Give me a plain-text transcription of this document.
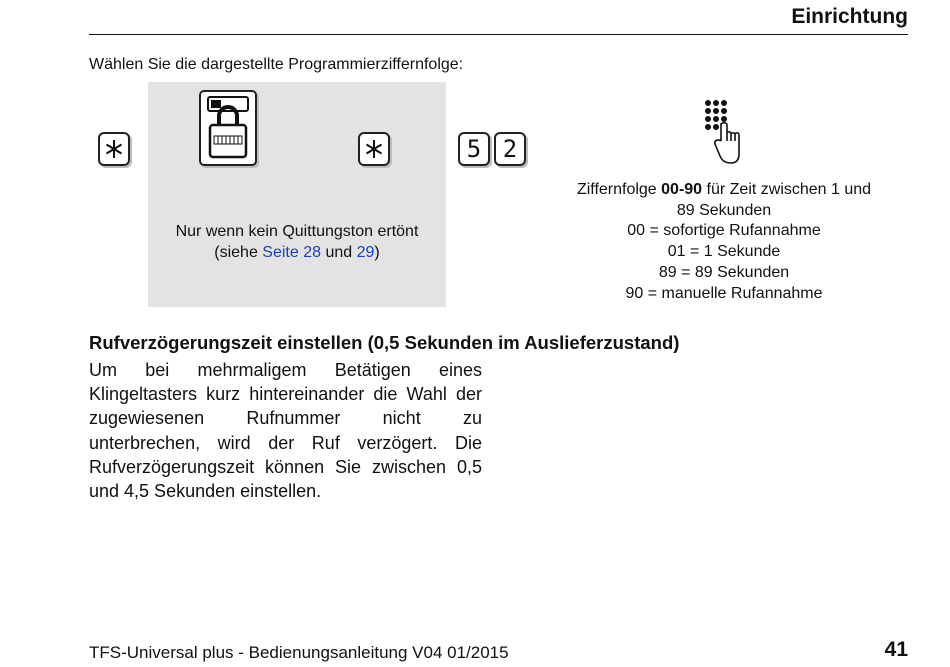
Einrichtung
Wählen Sie die dargestellte Programmierziffernfolge:
5 2
Nur wenn kein Quittungston ertönt
(siehe Seite 28 und 29)
Ziffernfolge 00-90 für Zeit zwischen 1 und
89 Sekunden
00 = sofortige Rufannahme
01 = 1 Sekunde
89 = 89 Sekunden
90 = manuelle Rufannahme
Rufverzögerungszeit einstellen (0,5 Sekunden im Auslieferzustand)
Um bei mehrmaligem Betätigen eines Klingeltasters kurz hintereinander die Wahl der zugewiesenen Rufnummer nicht zu unterbrechen, wird der Ruf verzögert. Die Rufverzögerungszeit können Sie zwischen 0,5 und 4,5 Sekunden einstellen.
TFS-Universal plus - Bedienungsanleitung V04 01/2015	41
